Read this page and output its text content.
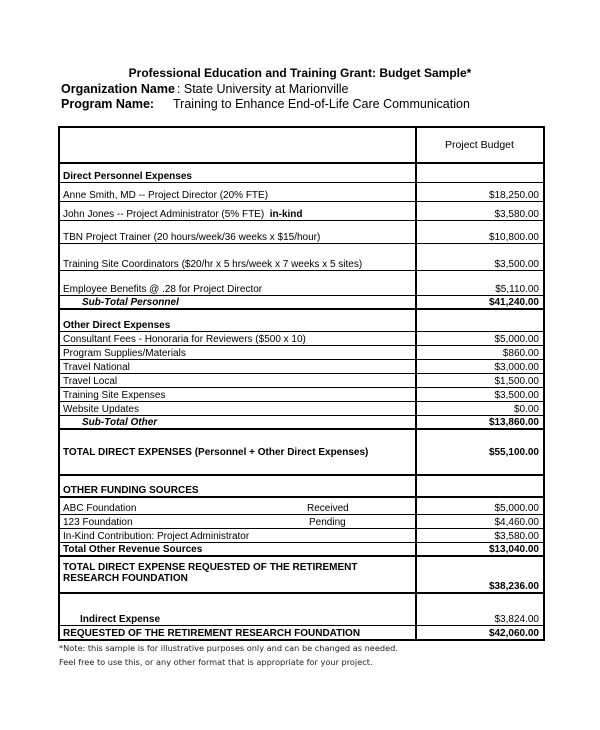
Professional Education and Training Grant: Budget Sample*
Organization Name : State University at Marionville
Program Name: Training to Enhance End-of-Life Care Communication
		Project Budget
Direct Personnel Expenses		
Anne Smith, MD -- Project Director (20% FTE)		$18,250.00
John Jones -- Project Administrator (5% FTE) in-kind		$3,580.00
TBN Project Trainer (20 hours/week/36 weeks x $15/hour)		$10,800.00
Training Site Coordinators ($20/hr x 5 hrs/week x 7 weeks x 5 sites)		$3,500.00
Employee Benefits @ .28 for Project Director		$5,110.00
Sub-Total Personnel		$41,240.00
Other Direct Expenses		
Consultant Fees - Honoraria for Reviewers ($500 x 10)		$5,000.00
Program Supplies/Materials		$860.00
Travel National		$3,000.00
Travel Local		$1,500.00
Training Site Expenses		$3,500.00
Website Updates		$0.00
Sub-Total Other		$13,860.00
TOTAL DIRECT EXPENSES (Personnel + Other Direct Expenses)		$55,100.00
OTHER FUNDING SOURCES		
ABC Foundation	Received	$5,000.00
123 Foundation	Pending	$4,460.00
In-Kind Contribution: Project Administrator		$3,580.00
Total Other Revenue Sources		$13,040.00
TOTAL DIRECT EXPENSE REQUESTED OF THE RETIREMENT		
RESEARCH FOUNDATION		$38,236.00
Indirect Expense		$3,824.00
REQUESTED OF THE RETIREMENT RESEARCH FOUNDATION		$42,060.00
*Note: this sample is for illustrative purposes only and can be changed as needed.
Feel free to use this, or any other format that is appropriate for your project.
